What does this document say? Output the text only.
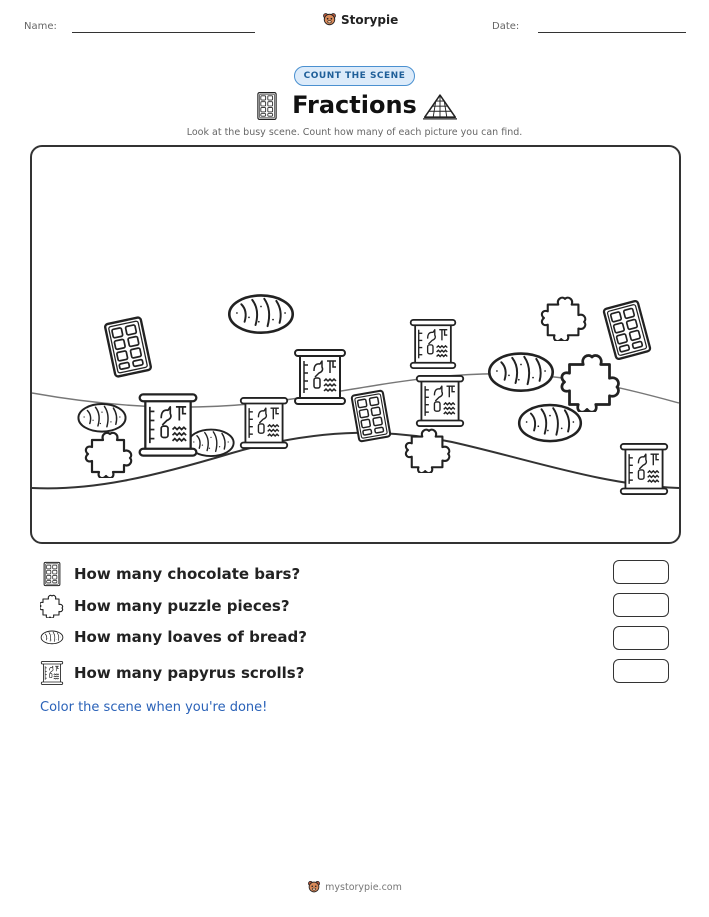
Name:	Storypie	Date:
COUNT THE SCENE
Fractions
Look at the busy scene. Count how many of each picture you can find.
How many chocolate bars?
How many puzzle pieces?
How many loaves of bread?
How many papyrus scrolls?
Color the scene when you're done!
mystorypie.com
